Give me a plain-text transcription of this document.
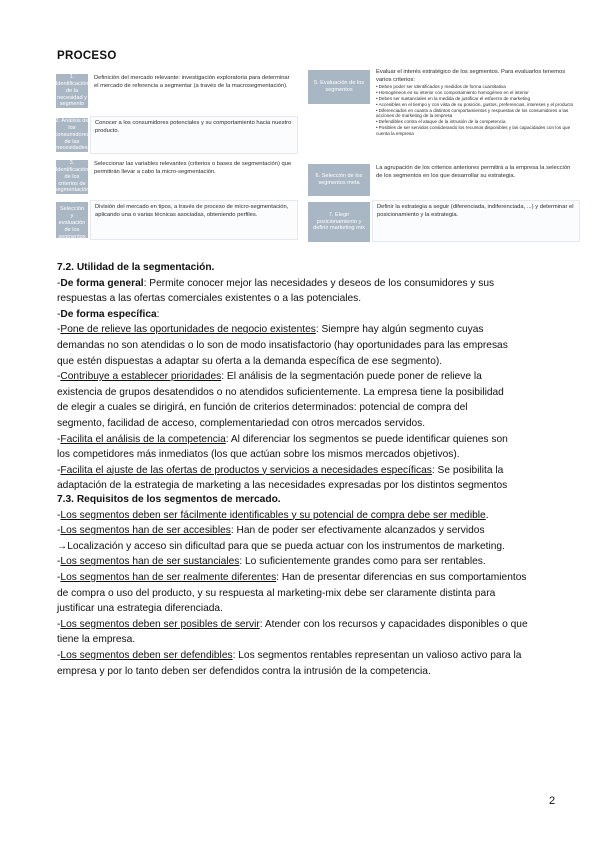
PROCESO
1. Identificación de la necesidad y segmento
Definición del mercado relevante: investigación exploratoria para determinar el mercado de referencia a segmentar (a través de la macrosegmentación).
2. Análisis de los consumidores de las necesidades
Conocer a los consumidores potenciales y su comportamiento hacia nuestro producto.
3. Identificación de los criterios de segmentación
Seleccionar las variables relevantes (criterios o bases de segmentación) que permitirán llevar a cabo la micro-segmentación.
4. Selección y evaluación de los segmentos
División del mercado en tipos, a través de proceso de micro-segmentación, aplicando una o varias técnicas asociadas, obteniendo perfiles.
5. Evaluación de los segmentos
Evaluar el interés estratégico de los segmentos. Para evaluarlos tenemos varios criterios:
• Deben poder ser identificados y medidos de forma cuantitativa
• Homogéneos en su interior con comportamiento homogéneo en el interior
• Deben ser sustanciales en la medida de justificar el esfuerzo de marketing
• Accesibles en el tiempo y con vista de su posición, gustos, preferencias, intereses y el producto
• Diferenciados en cuanto a distintos comportamientos y respuestas de los consumidores a las acciones de marketing de la empresa
• Defendibles contra el ataque de la intrusión de la competencia
• Posibles de ser servidos considerando los recursos disponibles y las capacidades con los que cuenta la empresa
6. Selección de los segmentos meta
La agrupación de los criterios anteriores permitirá a la empresa la selección de los segmentos en los que desarrollar su estrategia.
7. Elegir posicionamiento y definir marketing mix
Definir la estrategia a seguir (diferenciada, indiferenciada, ...) y determinar el posicionamiento y la estrategia.

7.2. Utilidad de la segmentación.

-De forma general: Permite conocer mejor las necesidades y deseos de los consumidores y sus

respuestas a las ofertas comerciales existentes o a las potenciales.

-De forma específica:

-Pone de relieve las oportunidades de negocio existentes: Siempre hay algún segmento cuyas

demandas no son atendidas o lo son de modo insatisfactorio (hay oportunidades para las empresas

que estén dispuestas a adaptar su oferta a la demanda específica de ese segmento).

-Contribuye a establecer prioridades: El análisis de la segmentación puede poner de relieve la

existencia de grupos desatendidos o no atendidos suficientemente. La empresa tiene la posibilidad

de elegir a cuales se dirigirá, en función de criterios determinados: potencial de compra del

segmento, facilidad de acceso, complementariedad con otros mercados servidos.

-Facilita el análisis de la competencia: Al diferenciar los segmentos se puede identificar quienes son

los competidores más inmediatos (los que actúan sobre los mismos mercados objetivos).

-Facilita el ajuste de las ofertas de productos y servicios a necesidades específicas: Se posibilita la

adaptación de la estrategia de marketing a las necesidades expresadas por los distintos segmentos

7.3. Requisitos de los segmentos de mercado.

-Los segmentos deben ser fácilmente identificables y su potencial de compra debe ser medible.

-Los segmentos han de ser accesibles: Han de poder ser efectivamente alcanzados y servidos

→Localización y acceso sin dificultad para que se pueda actuar con los instrumentos de marketing.

-Los segmentos han de ser sustanciales: Lo suficientemente grandes como para ser rentables.

-Los segmentos han de ser realmente diferentes: Han de presentar diferencias en sus comportamientos

de compra o uso del producto, y su respuesta al marketing-mix debe ser claramente distinta para

justificar una estrategia diferenciada.

-Los segmentos deben ser posibles de servir: Atender con los recursos y capacidades disponibles o que

tiene la empresa.

-Los segmentos deben ser defendibles: Los segmentos rentables representan un valioso activo para la

empresa y por lo tanto deben ser defendidos contra la intrusión de la competencia.

2
